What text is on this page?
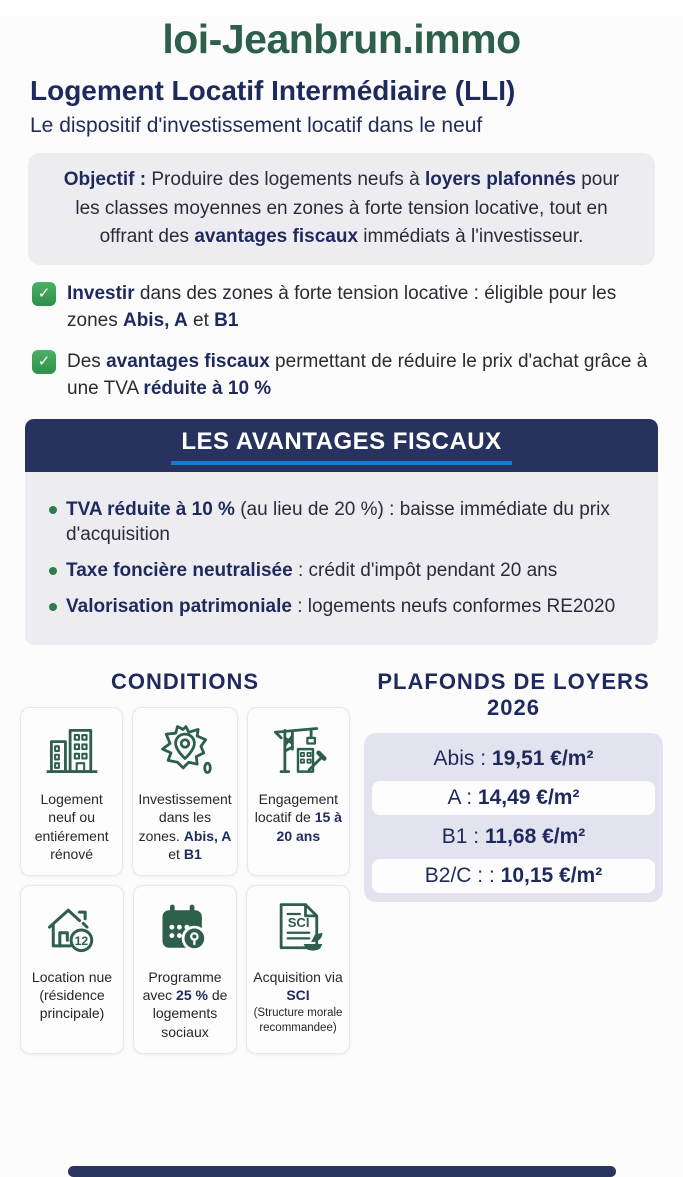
loi-Jeanbrun.immo
Logement Locatif Intermédiaire (LLI)
Le dispositif d'investissement locatif dans le neuf
Objectif : Produire des logements neufs à loyers plafonnés pour les classes moyennes en zones à forte tension locative, tout en offrant des avantages fiscaux immédiats à l'investisseur.
✓ Investir dans des zones à forte tension locative : éligible pour les zones Abis, A et B1
✓ Des avantages fiscaux permettant de réduire le prix d'achat grâce à une TVA réduite à 10 %
LES AVANTAGES FISCAUX
TVA réduite à 10 % (au lieu de 20 %) : baisse immédiate du prix d'acquisition
Taxe foncière neutralisée : crédit d'impôt pendant 20 ans
Valorisation patrimoniale : logements neufs conformes RE2020
CONDITIONS
Logement neuf ou entiérement rénové
Investissement dans les zones. Abis, A et B1
Engagement locatif de 15 à 20 ans
12
Location nue (résidence principale)
Programme avec 25 % de logements sociaux
SCI
Acquisition via SCI
(Structure morale recommandee)
PLAFONDS DE LOYERS 2026
Abis : 19,51 €/m²
A : 14,49 €/m²
B1 : 11,68 €/m²
B2/C : : 10,15 €/m²
